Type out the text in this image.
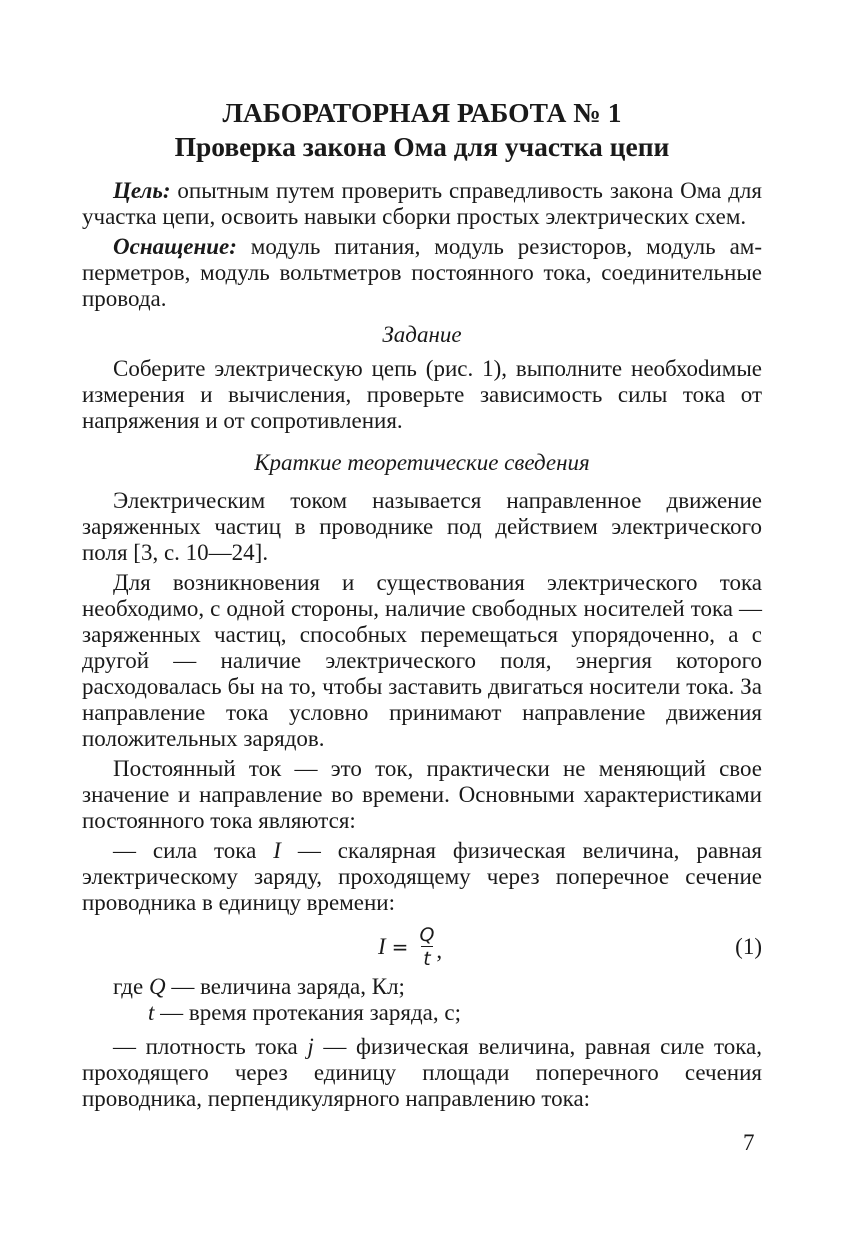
ЛАБОРАТОРНАЯ РАБОТА № 1
Проверка закона Ома для участка цепи

Цель: опытным путем проверить справедливость закона Ома для участка цепи, освоить навыки сборки простых электрических схем.

Оснащение: модуль питания, модуль резисторов, модуль амперметров, модуль вольтметров постоянного тока, соединительные провода.

Задание

Соберите электрическую цепь (рис. 1), выполните необхоdимые измерения и вычисления, проверьте зависимость силы тока от напряжения и от сопротивления.

Краткие теоретические сведения

Электрическим током называется направленное движение заряженных частиц в проводнике под действием электрического поля [3, с. 10—24].

Для возникновения и существования электрического тока необходимо, с одной стороны, наличие свободных носителей тока — заряженных частиц, способных перемещаться упорядоченно, а с другой — наличие электрического поля, энергия которого расходовалась бы на то, чтобы заставить двигаться носители тока. За направление тока условно принимают направление движения положительных зарядов.

Постоянный ток — это ток, практически не меняющий свое значение и направление во времени. Основными характеристиками постоянного тока являются:

— сила тока I — скалярная физическая величина, равная электрическому заряду, проходящему через поперечное сечение проводника в единицу времени:

$I = \frac{Q}{t}$ ,	(1)
где Q — величина заряда, Кл;
t — время протекания заряда, с;

— плотность тока j — физическая величина, равная силе тока, проходящего через единицу площади поперечного сечения проводника, перпендикулярного направлению тока:

7
